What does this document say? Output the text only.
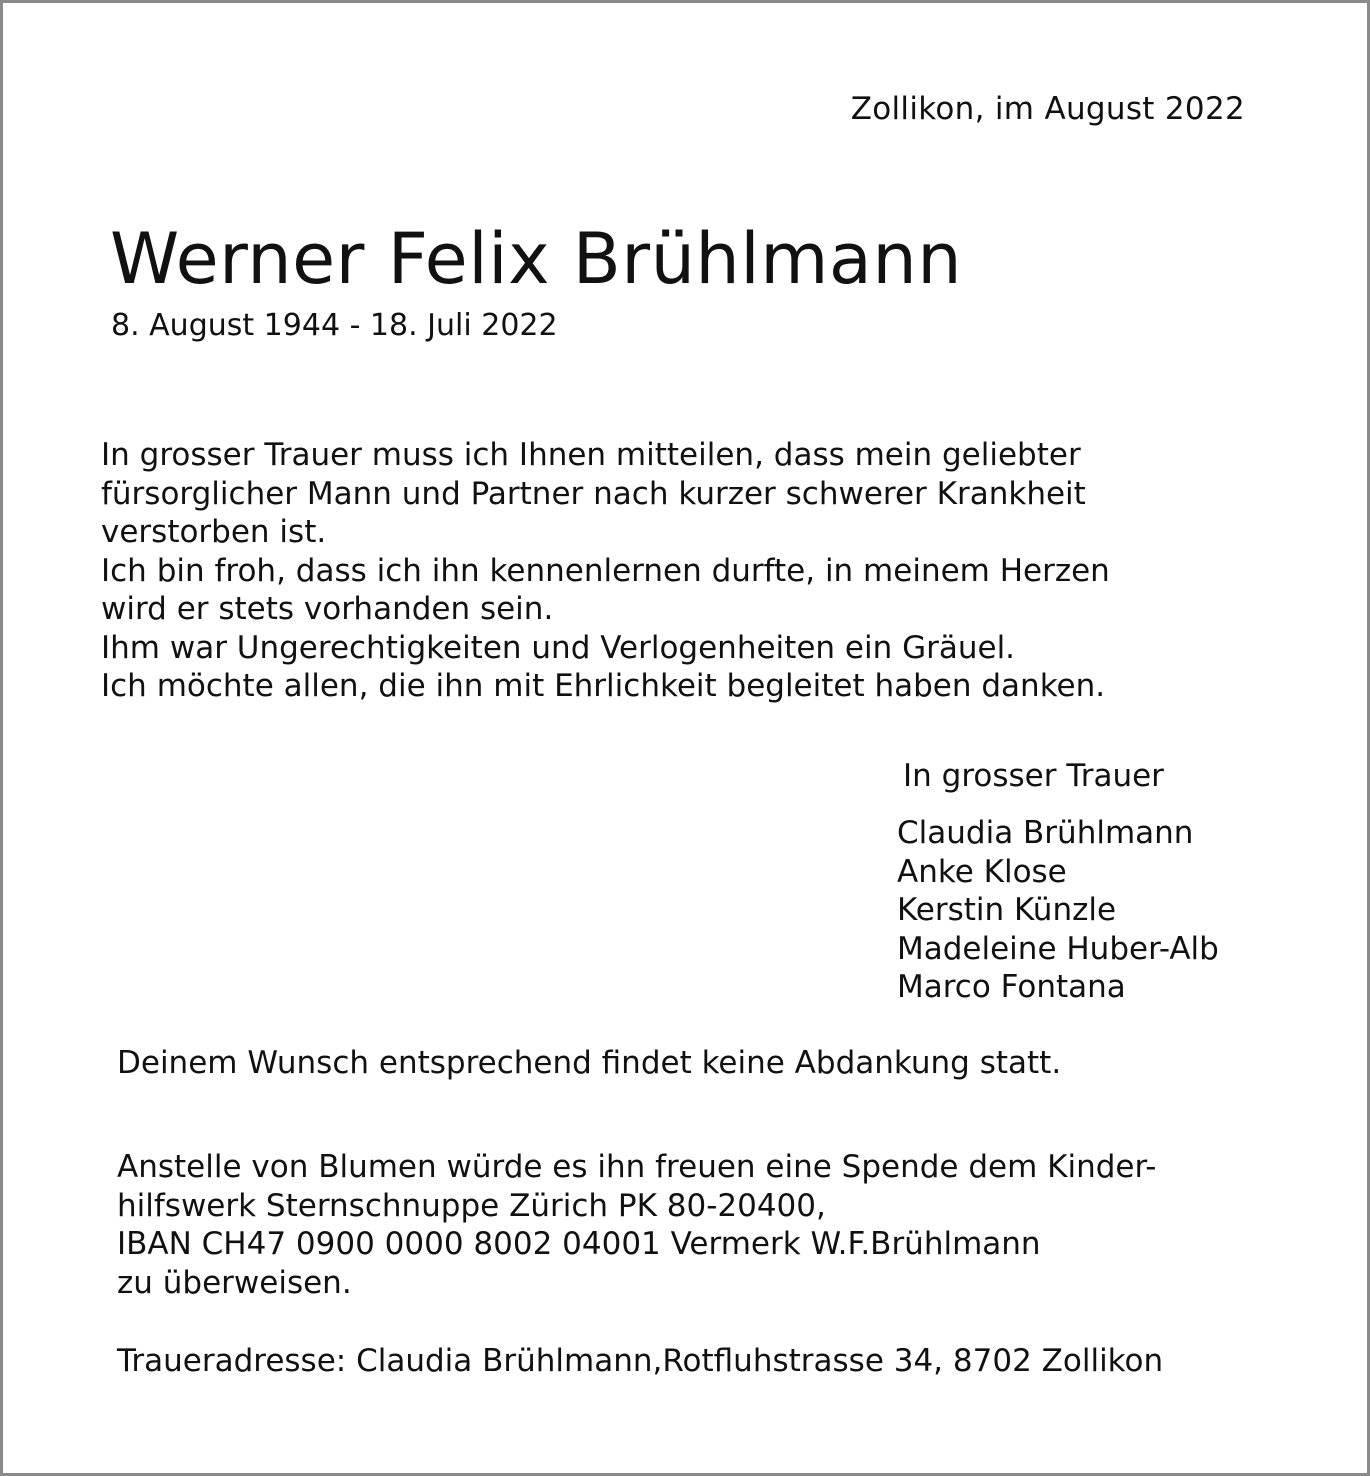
Zollikon, im August 2022
Werner Felix Brühlmann
8. August 1944 - 18. Juli 2022
In grosser Trauer muss ich Ihnen mitteilen, dass mein geliebter
fürsorglicher Mann und Partner nach kurzer schwerer Krankheit
verstorben ist.
Ich bin froh, dass ich ihn kennenlernen durfte, in meinem Herzen
wird er stets vorhanden sein.
Ihm war Ungerechtigkeiten und Verlogenheiten ein Gräuel.
Ich möchte allen, die ihn mit Ehrlichkeit begleitet haben danken.
In grosser Trauer
Claudia Brühlmann
Anke Klose
Kerstin Künzle
Madeleine Huber-Alb
Marco Fontana
Deinem Wunsch entsprechend findet keine Abdankung statt.
Anstelle von Blumen würde es ihn freuen eine Spende dem Kinder-
hilfswerk Sternschnuppe Zürich PK 80-20400,
IBAN CH47 0900 0000 8002 04001 Vermerk W.F.Brühlmann
zu überweisen.
Traueradresse: Claudia Brühlmann,Rotfluhstrasse 34, 8702 Zollikon
